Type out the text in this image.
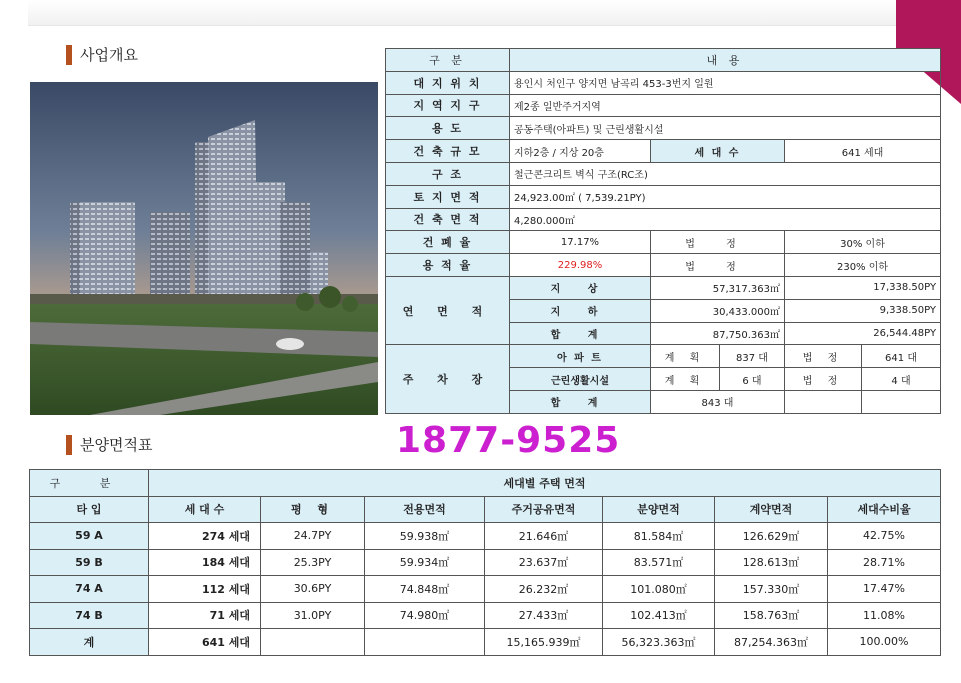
사업개요	구 분	내 용				
대 지 위 치	용인시 처인구 양지면 남곡리 453-3번지 일원				
지 역 지 구	제2종 일반주거지역				
용 도	공동주택(아파트) 및 근린생활시설				
건 축 규 모	지하2층 / 지상 20층	세 대 수		641 세대	
구 조	철근콘크리트 벽식 구조(RC조)				
토 지 면 적	24,923.00㎡ ( 7,539.21PY)				
건 축 면 적	4,280.000㎡				
건 폐 율	17.17%	법 정		30% 이하	
용 적 율	229.98%	법 정		230% 이하	
연 면 적	지 상	57,317.363㎡		17,338.50PY	
	지 하	30,433.000㎡		9,338.50PY	
	합 계	87,750.363㎡		26,544.48PY	
주 차 장	아 파 트	계 획	837 대	법 정	641 대
	근린생활시설	계 획	6 대	법 정	4 대
	합 계	843 대			
분양면적표	1877-9525
구 분	세대별 주택 면적						
타 입	세 대 수	평 형	전용면적	주거공유면적	분양면적	계약면적	세대수비율
59 A	274 세대	24.7PY	59.938㎡	21.646㎡	81.584㎡	126.629㎡	42.75%
59 B	184 세대	25.3PY	59.934㎡	23.637㎡	83.571㎡	128.613㎡	28.71%
74 A	112 세대	30.6PY	74.848㎡	26.232㎡	101.080㎡	157.330㎡	17.47%
74 B	71 세대	31.0PY	74.980㎡	27.433㎡	102.413㎡	158.763㎡	11.08%
계	641 세대			15,165.939㎡	56,323.363㎡	87,254.363㎡	100.00%
